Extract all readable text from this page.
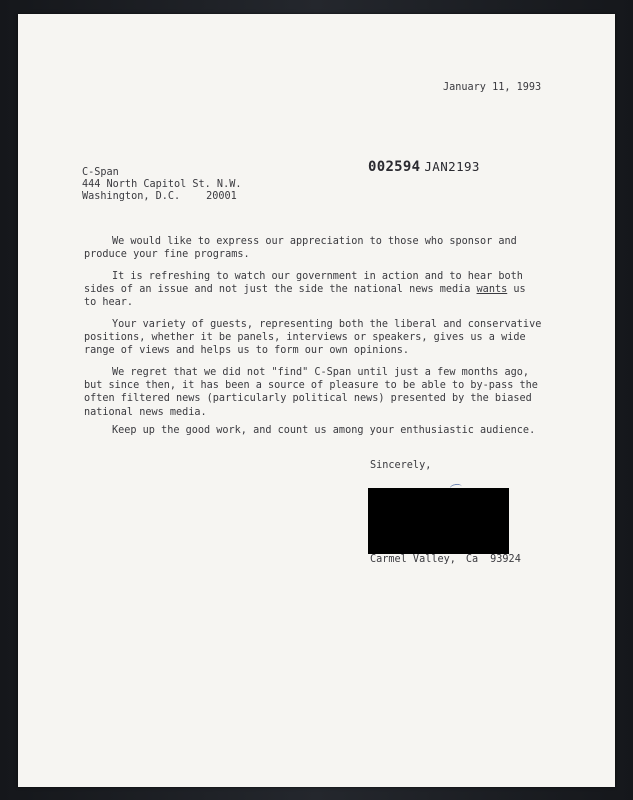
January 11, 1993
002594 JAN2193
C-Span
444 North Capitol St. N.W.
Washington, D.C.	20001
We would like to express our appreciation to those who sponsor and
produce your fine programs.
It is refreshing to watch our government in action and to hear both
sides of an issue and not just the side the national news media wants us
to hear.
Your variety of guests, representing both the liberal and conservative
positions, whether it be panels, interviews or speakers, gives us a wide
range of views and helps us to form our own opinions.
We regret that we did not "find" C-Span until just a few months ago,
but since then, it has been a source of pleasure to be able to by-pass the
often filtered news (particularly political news) presented by the biased
national news media.
Keep up the good work, and count us among your enthusiastic audience.
Sincerely,
Carmel Valley, Ca 93924
